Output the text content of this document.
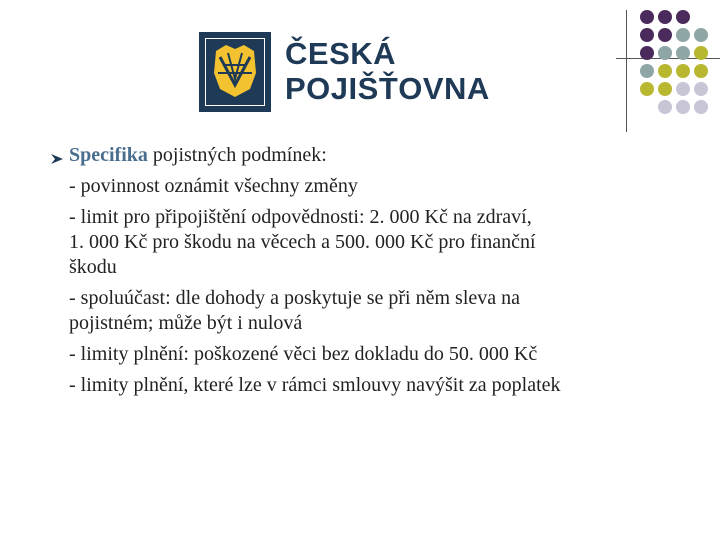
ČESKÁ
POJIŠŤOVNA
Specifika pojistných podmínek:
- povinnost oznámit všechny změny
- limit pro připojištění odpovědnosti: 2. 000 Kč na zdraví,
1. 000 Kč pro škodu na věcech a 500. 000 Kč pro finanční
škodu
- spoluúčast: dle dohody a poskytuje se při něm sleva na
pojistném; může být i nulová
- limity plnění: poškozené věci bez dokladu do 50. 000 Kč
- limity plnění, které lze v rámci smlouvy navýšit za poplatek
